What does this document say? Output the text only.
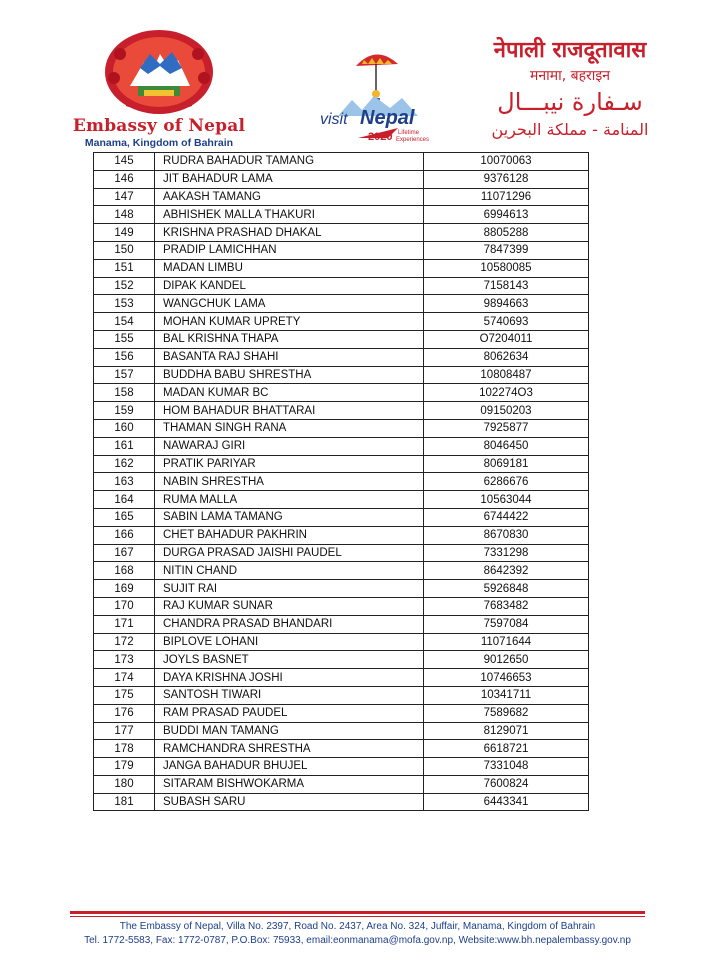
Embassy of Nepal
Manama, Kingdom of Bahrain
visit Nepal
2020 Lifetime
Experiences
नेपाली राजदूतावास
मनामा, बहराइन
سـفارة نيبـــال
المنامة - مملكة البحرين
145	RUDRA BAHADUR TAMANG	10070063
146	JIT BAHADUR LAMA	9376128
147	AAKASH TAMANG	11071296
148	ABHISHEK MALLA THAKURI	6994613
149	KRISHNA PRASHAD DHAKAL	8805288
150	PRADIP LAMICHHAN	7847399
151	MADAN LIMBU	10580085
152	DIPAK KANDEL	7158143
153	WANGCHUK LAMA	9894663
154	MOHAN KUMAR UPRETY	5740693
155	BAL KRISHNA THAPA	O7204011
156	BASANTA RAJ SHAHI	8062634
157	BUDDHA BABU SHRESTHA	10808487
158	MADAN KUMAR BC	102274O3
159	HOM BAHADUR BHATTARAI	09150203
160	THAMAN SINGH RANA	7925877
161	NAWARAJ GIRI	8046450
162	PRATIK PARIYAR	8069181
163	NABIN SHRESTHA	6286676
164	RUMA MALLA	10563044
165	SABIN LAMA TAMANG	6744422
166	CHET BAHADUR PAKHRIN	8670830
167	DURGA PRASAD JAISHI PAUDEL	7331298
168	NITIN CHAND	8642392
169	SUJIT RAI	5926848
170	RAJ KUMAR SUNAR	7683482
171	CHANDRA PRASAD BHANDARI	7597084
172	BIPLOVE LOHANI	11071644
173	JOYLS BASNET	9012650
174	DAYA KRISHNA JOSHI	10746653
175	SANTOSH TIWARI	10341711
176	RAM PRASAD PAUDEL	7589682
177	BUDDI MAN TAMANG	8129071
178	RAMCHANDRA SHRESTHA	6618721
179	JANGA BAHADUR BHUJEL	7331048
180	SITARAM BISHWOKARMA	7600824
181	SUBASH SARU	6443341
The Embassy of Nepal, Villa No. 2397, Road No. 2437, Area No. 324, Juffair, Manama, Kingdom of Bahrain
Tel. 1772-5583, Fax: 1772-0787, P.O.Box: 75933, email:eonmanama@mofa.gov.np, Website:www.bh.nepalembassy.gov.np
